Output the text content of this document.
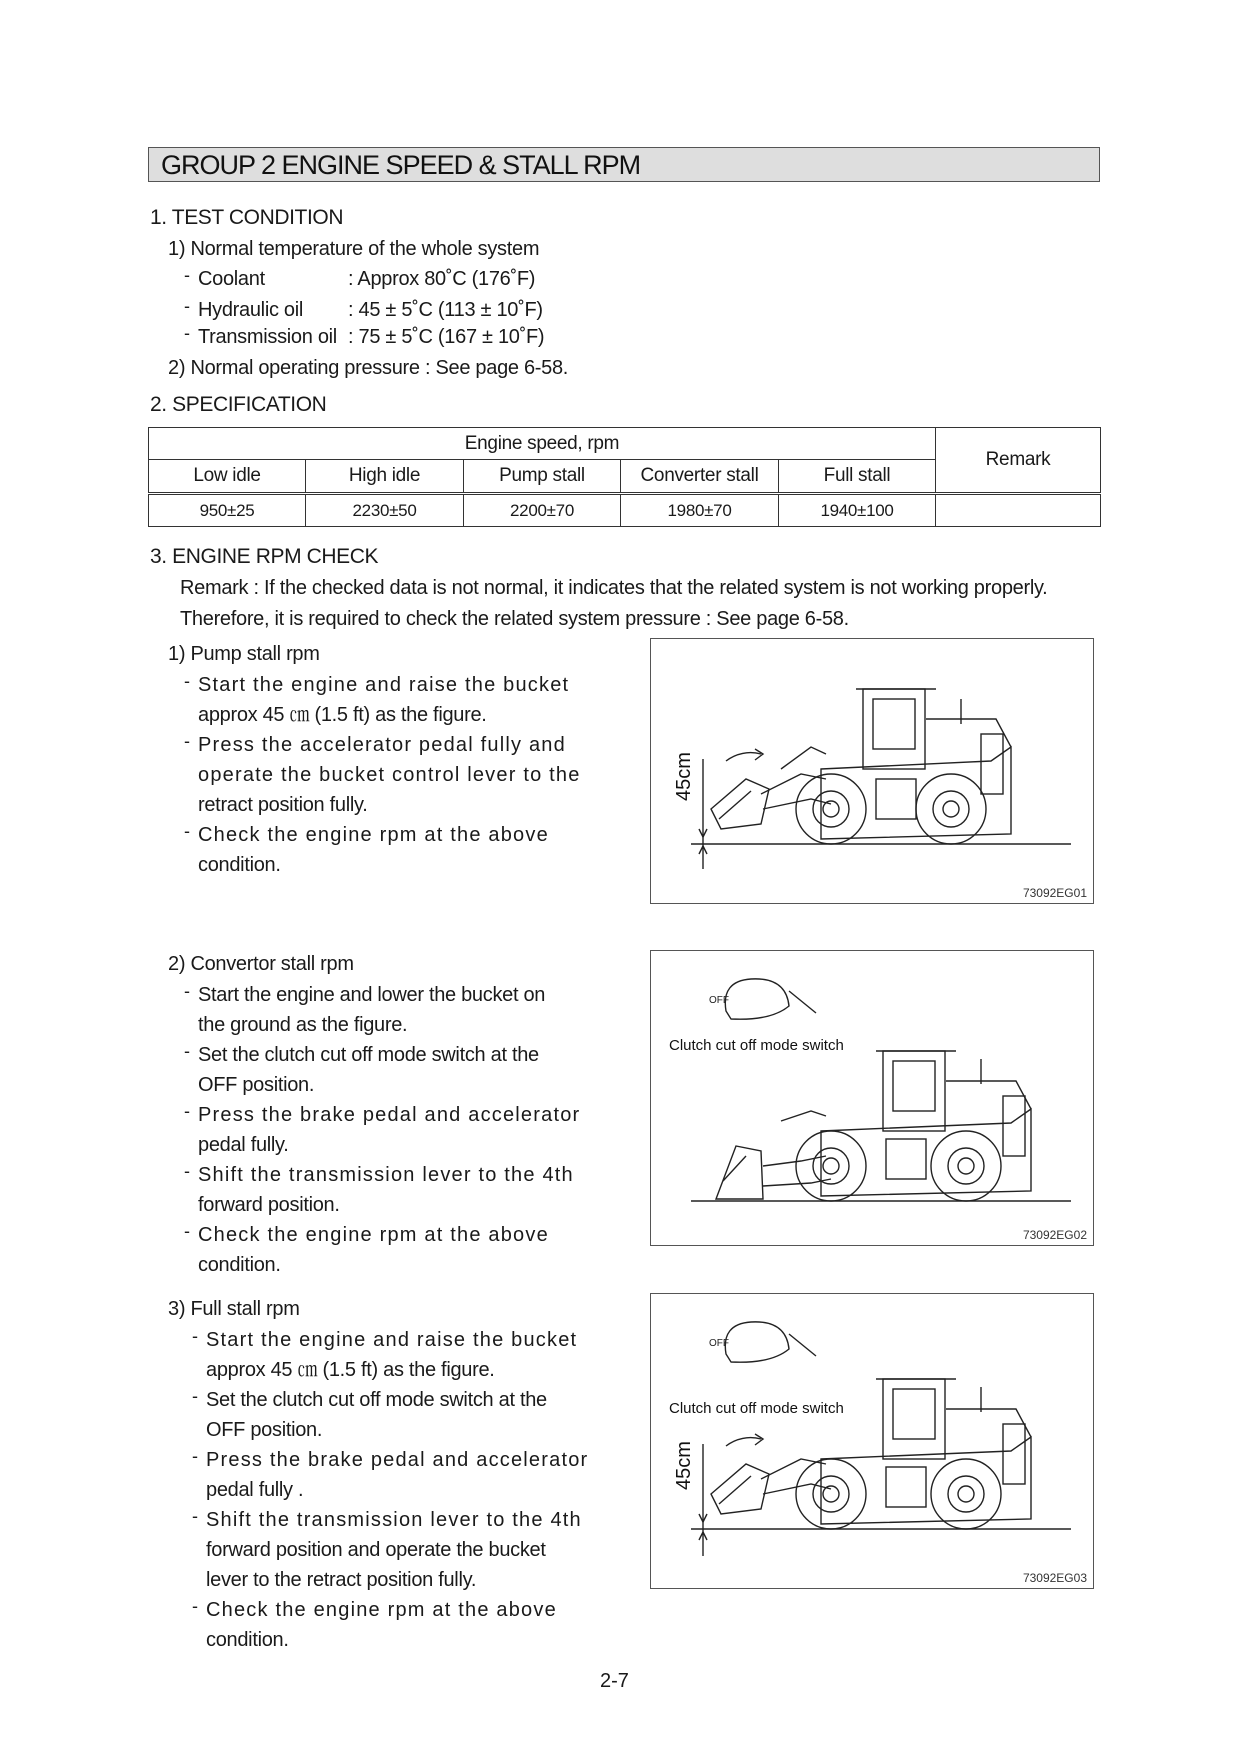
GROUP 2 ENGINE SPEED & STALL RPM
1. TEST CONDITION
1) Normal temperature of the whole system
- Coolant	: Approx 80˚C (176˚F)
- Hydraulic oil : 45 ± 5˚C (113 ± 10˚F)
- Transmission oil : 75 ± 5˚C (167 ± 10˚F)
2) Normal operating pressure : See page 6-58.
2. SPECIFICATION
Engine speed, rpm					Remark
Low idle	High idle	Pump stall	Converter stall	Full stall	
950±25	2230±50	2200±70	1980±70	1940±100	
3. ENGINE RPM CHECK
Remark : If the checked data is not normal, it indicates that the related system is not working properly.
Therefore, it is required to check the related system pressure : See page 6-58.
1) Pump stall rpm
- Start the engine and raise the bucket
approx 45 ㎝ (1.5 ft) as the figure.
- Press the accelerator pedal fully and
operate the bucket control lever to the
retract position fully.
- Check the engine rpm at the above
condition.
45cm
73092EG01
2) Convertor stall rpm
- Start the engine and lower the bucket on
the ground as the figure.
- Set the clutch cut off mode switch at the
OFF position.
- Press the brake pedal and accelerator
pedal fully.
- Shift the transmission lever to the 4th
forward position.
- Check the engine rpm at the above
condition.
OFF
Clutch cut off mode switch
73092EG02
3) Full stall rpm
- Start the engine and raise the bucket
approx 45 ㎝ (1.5 ft) as the figure.
- Set the clutch cut off mode switch at the
OFF position.
- Press the brake pedal and accelerator
pedal fully .
- Shift the transmission lever to the 4th
forward position and operate the bucket
lever to the retract position fully.
- Check the engine rpm at the above
condition.
OFF
Clutch cut off mode switch
45cm
73092EG03
2-7
